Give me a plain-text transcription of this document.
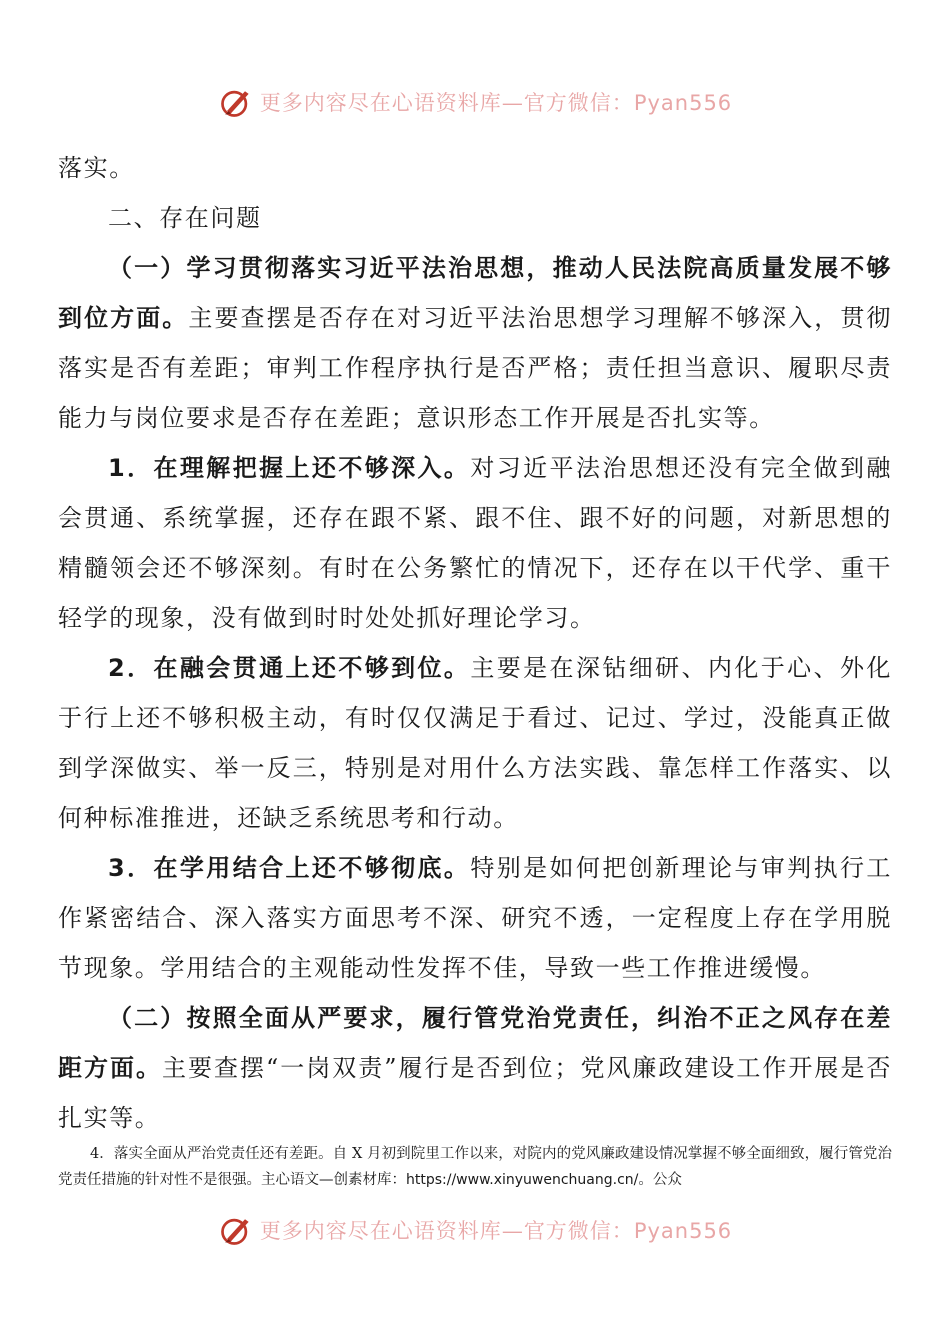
更多内容尽在心语资料库—官方微信：Pyan556

落实。

二、存在问题

（一）学习贯彻落实习近平法治思想，推动人民法院高质量发展不够到位方面。主要查摆是否存在对习近平法治思想学习理解不够深入，贯彻落实是否有差距；审判工作程序执行是否严格；责任担当意识、履职尽责能力与岗位要求是否存在差距；意识形态工作开展是否扎实等。

1．在理解把握上还不够深入。对习近平法治思想还没有完全做到融会贯通、系统掌握，还存在跟不紧、跟不住、跟不好的问题，对新思想的精髓领会还不够深刻。有时在公务繁忙的情况下，还存在以干代学、重干轻学的现象，没有做到时时处处抓好理论学习。

2．在融会贯通上还不够到位。主要是在深钻细研、内化于心、外化于行上还不够积极主动，有时仅仅满足于看过、记过、学过，没能真正做到学深做实、举一反三，特别是对用什么方法实践、靠怎样工作落实、以何种标准推进，还缺乏系统思考和行动。

3．在学用结合上还不够彻底。特别是如何把创新理论与审判执行工作紧密结合、深入落实方面思考不深、研究不透，一定程度上存在学用脱节现象。学用结合的主观能动性发挥不佳，导致一些工作推进缓慢。

（二）按照全面从严要求，履行管党治党责任，纠治不正之风存在差距方面。主要查摆“一岗双责”履行是否到位；党风廉政建设工作开展是否扎实等。

4．落实全面从严治党责任还有差距。自 X 月初到院里工作以来，对院内的党风廉政建设情况掌握不够全面细致，履行管党治党责任措施的针对性不是很强。主心语文—创素材库：https://www.xinyuwenchuang.cn/。公众
更多内容尽在心语资料库—官方微信：Pyan556
